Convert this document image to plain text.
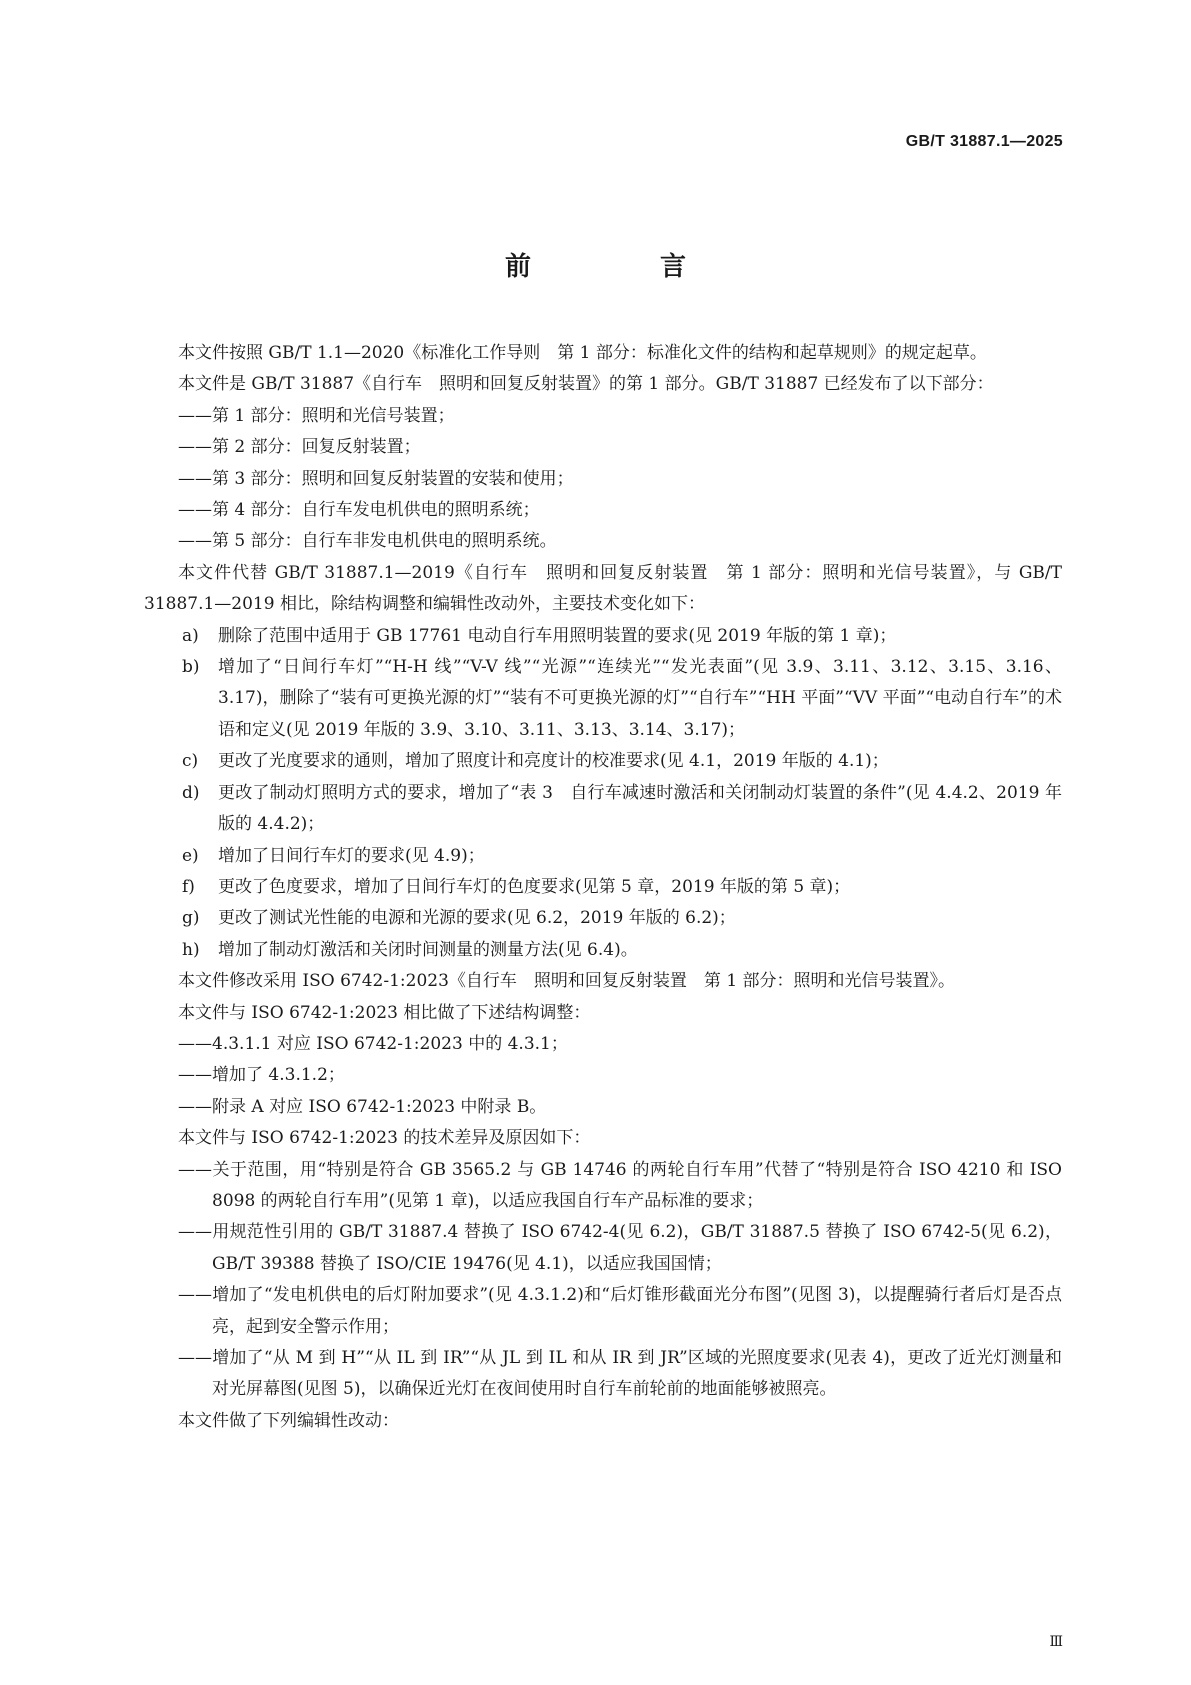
GB/T 31887.1—2025
前 言

本文件按照 GB/T 1.1—2020《标准化工作导则　第 1 部分：标准化文件的结构和起草规则》的规定起草。

本文件是 GB/T 31887《自行车　照明和回复反射装置》的第 1 部分。GB/T 31887 已经发布了以下部分：

——第 1 部分：照明和光信号装置；

——第 2 部分：回复反射装置；

——第 3 部分：照明和回复反射装置的安装和使用；

——第 4 部分：自行车发电机供电的照明系统；

——第 5 部分：自行车非发电机供电的照明系统。

本文件代替 GB/T 31887.1—2019《自行车　照明和回复反射装置　第 1 部分：照明和光信号装置》，与 GB/T 31887.1—2019 相比，除结构调整和编辑性改动外，主要技术变化如下：

a)	删除了范围中适用于 GB 17761 电动自行车用照明装置的要求(见 2019 年版的第 1 章)；
b)	增加了“日间行车灯”“H-H 线”“V-V 线”“光源”“连续光”“发光表面”(见 3.9、3.11、3.12、3.15、3.16、3.17)，删除了“装有可更换光源的灯”“装有不可更换光源的灯”“自行车”“HH 平面”“VV 平面”“电动自行车”的术语和定义(见 2019 年版的 3.9、3.10、3.11、3.13、3.14、3.17)；
c)	更改了光度要求的通则，增加了照度计和亮度计的校准要求(见 4.1，2019 年版的 4.1)；
d)	更改了制动灯照明方式的要求，增加了“表 3　自行车减速时激活和关闭制动灯装置的条件”(见 4.4.2、2019 年版的 4.4.2)；
e)	增加了日间行车灯的要求(见 4.9)；
f)	更改了色度要求，增加了日间行车灯的色度要求(见第 5 章，2019 年版的第 5 章)；
g)	更改了测试光性能的电源和光源的要求(见 6.2，2019 年版的 6.2)；
h)	增加了制动灯激活和关闭时间测量的测量方法(见 6.4)。

本文件修改采用 ISO 6742-1:2023《自行车　照明和回复反射装置　第 1 部分：照明和光信号装置》。

本文件与 ISO 6742-1:2023 相比做了下述结构调整：

——4.3.1.1 对应 ISO 6742-1:2023 中的 4.3.1；

——增加了 4.3.1.2；

——附录 A 对应 ISO 6742-1:2023 中附录 B。

本文件与 ISO 6742-1:2023 的技术差异及原因如下：

——关于范围，用“特别是符合 GB 3565.2 与 GB 14746 的两轮自行车用”代替了“特别是符合 ISO 4210 和 ISO 8098 的两轮自行车用”(见第 1 章)，以适应我国自行车产品标准的要求；

——用规范性引用的 GB/T 31887.4 替换了 ISO 6742-4(见 6.2)，GB/T 31887.5 替换了 ISO 6742-5(见 6.2)，GB/T 39388 替换了 ISO/CIE 19476(见 4.1)，以适应我国国情；

——增加了“发电机供电的后灯附加要求”(见 4.3.1.2)和“后灯锥形截面光分布图”(见图 3)，以提醒骑行者后灯是否点亮，起到安全警示作用；

——增加了“从 M 到 H”“从 IL 到 IR”“从 JL 到 IL 和从 IR 到 JR”区域的光照度要求(见表 4)，更改了近光灯测量和对光屏幕图(见图 5)，以确保近光灯在夜间使用时自行车前轮前的地面能够被照亮。

本文件做了下列编辑性改动：

Ⅲ
